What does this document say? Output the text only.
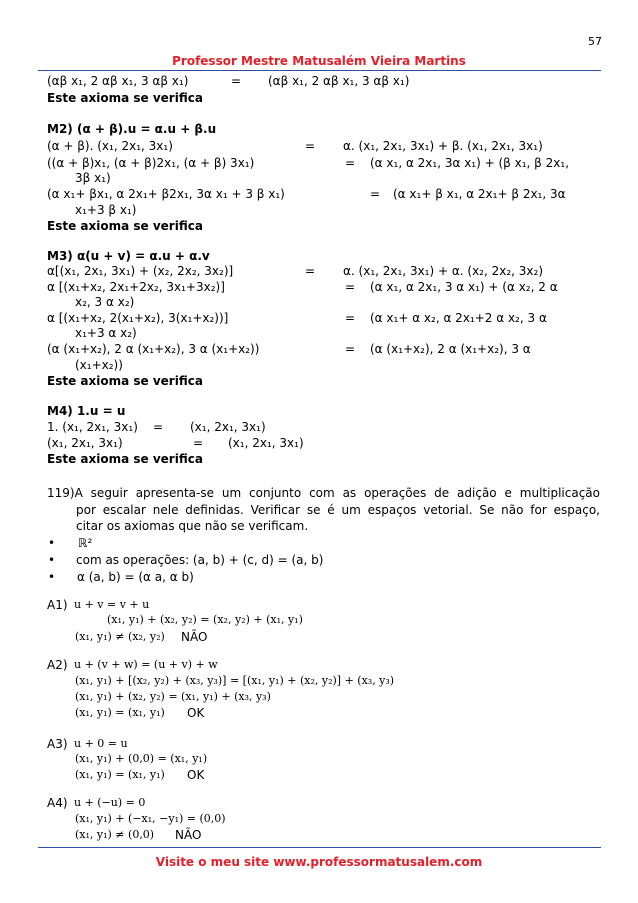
57
Professor Mestre Matusalém Vieira Martins
(αβ x₁, 2 αβ x₁, 3 αβ x₁)	= (αβ x₁, 2 αβ x₁, 3 αβ x₁)
Este axioma se verifica
M2) (α + β).u = α.u + β.u
(α + β). (x₁, 2x₁, 3x₁)	= α. (x₁, 2x₁, 3x₁) + β. (x₁, 2x₁, 3x₁)
((α + β)x₁, (α + β)2x₁, (α + β) 3x₁)	= (α x₁, α 2x₁, 3α x₁) + (β x₁, β 2x₁,
3β x₁)
(α x₁+ βx₁, α 2x₁+ β2x₁, 3α x₁ + 3 β x₁)	= (α x₁+ β x₁, α 2x₁+ β 2x₁, 3α
x₁+3 β x₁)
Este axioma se verifica
M3) α(u + v) = α.u + α.v
α[(x₁, 2x₁, 3x₁) + (x₂, 2x₂, 3x₂)]	= α. (x₁, 2x₁, 3x₁) + α. (x₂, 2x₂, 3x₂)
α [(x₁+x₂, 2x₁+2x₂, 3x₁+3x₂)]	= (α x₁, α 2x₁, 3 α x₁) + (α x₂, 2 α
x₂, 3 α x₂)
α [(x₁+x₂, 2(x₁+x₂), 3(x₁+x₂))]	= (α x₁+ α x₂, α 2x₁+2 α x₂, 3 α
x₁+3 α x₂)
(α (x₁+x₂), 2 α (x₁+x₂), 3 α (x₁+x₂))	= (α (x₁+x₂), 2 α (x₁+x₂), 3 α
(x₁+x₂))
Este axioma se verifica
M4) 1.u = u
1. (x₁, 2x₁, 3x₁) = (x₁, 2x₁, 3x₁)
(x₁, 2x₁, 3x₁)	= (x₁, 2x₁, 3x₁)
Este axioma se verifica
119)A seguir apresenta-se um conjunto com as operações de adição e multiplicação
por escalar nele definidas. Verificar se é um espaços vetorial. Se não for espaço,
citar os axiomas que não se verificam.
• ℝ²
• com as operações: (a, b) + (c, d) = (a, b)
• α (a, b) = (α a, α b)
A1) u + v = v + u
(x₁, y₁) + (x₂, y₂) = (x₂, y₂) + (x₁, y₁)
(x₁, y₁) ≠ (x₂, y₂) NÃO
A2) u + (v + w) = (u + v) + w
(x₁, y₁) + [(x₂, y₂) + (x₃, y₃)] = [(x₁, y₁) + (x₂, y₂)] + (x₃, y₃)
(x₁, y₁) + (x₂, y₂) = (x₁, y₁) + (x₃, y₃)
(x₁, y₁) = (x₁, y₁) OK
A3) u + 0 = u
(x₁, y₁) + (0,0) = (x₁, y₁)
(x₁, y₁) = (x₁, y₁) OK
A4) u + (−u) = 0
(x₁, y₁) + (−x₁, −y₁) = (0,0)
(x₁, y₁) ≠ (0,0) NÃO
Visite o meu site www.professormatusalem.com
